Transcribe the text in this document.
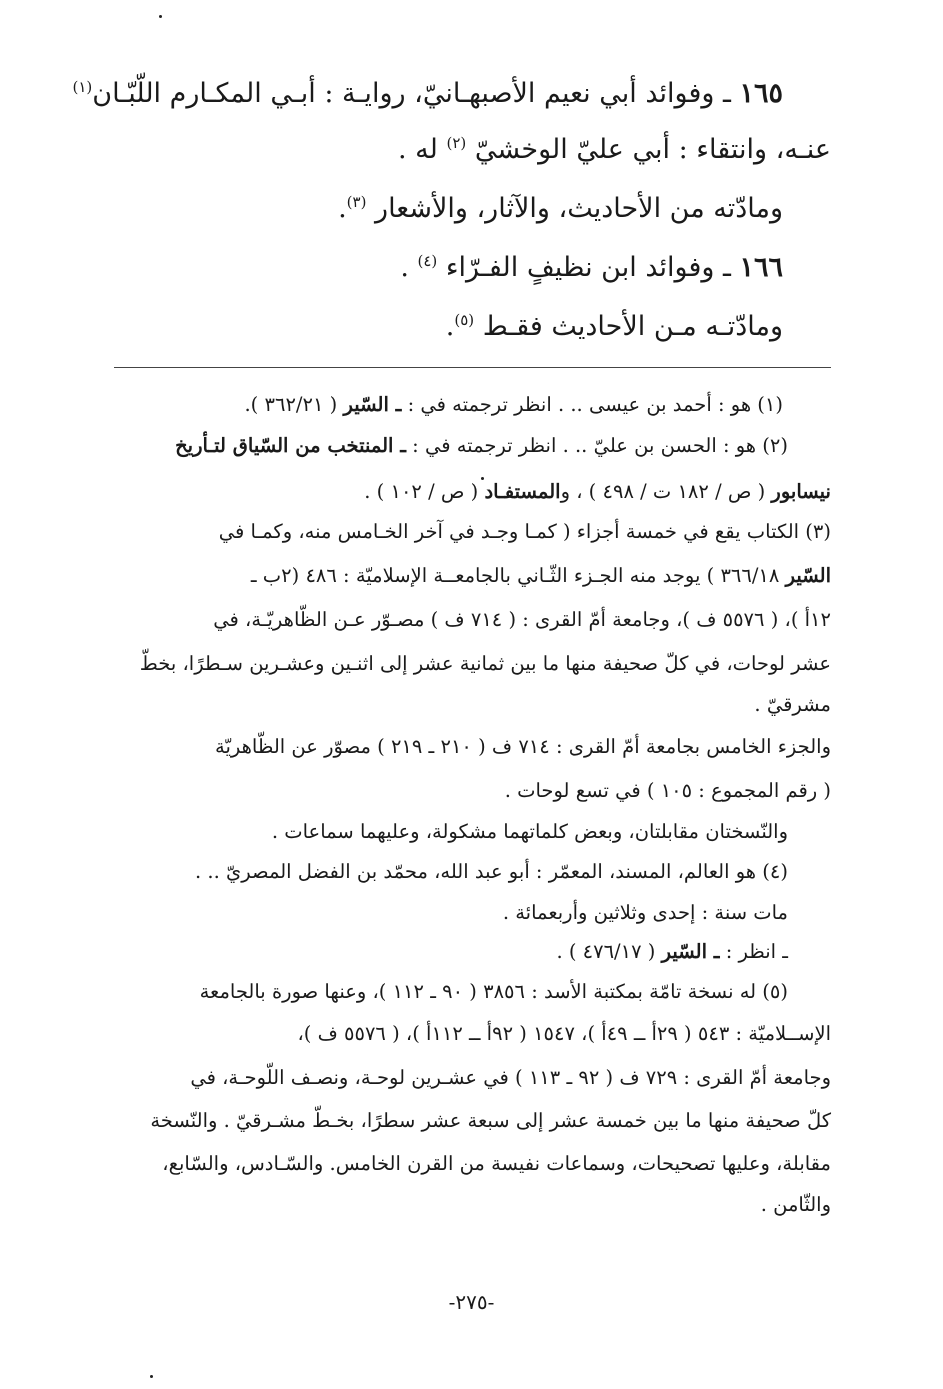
١٦٥ ـ وفوائد أبي نعيم الأصبهـانيّ، روايـة : أبـي المكـارم اللّبّـان$^{(١)}$
عنـه، وانتقاء : أبي عليّ الوخشيّ $^{(٢)}$ له .
ومادّته من الأحاديث، والآثار، والأشعار $^{(٣)}$.
١٦٦ ـ وفوائد ابن نظيفٍ الفـرّاء $^{(٤)}$ .
ومادّتـه مـن الأحاديث فقـط $^{(٥)}$.
(١) هو : أحمد بن عيسى .. . انظر ترجمته في : ـ السّير ( ٣٦٢/٢١ ).
(٢) هو : الحسن بن عليّ .. . انظر ترجمته في : ـ المنتخب من السّياق لتـأريخ
نيسابور ( ص / ١٨٢ ت / ٤٩٨ ) ، والمستفـاد ( ص / ١٠٢ ) .
(٣) الكتاب يقع في خمسة أجزاء ( كمـا وجـد في آخر الخـامس منه، وكمـا في
السّير ٣٦٦/١٨ ) يوجد منه الجـزء الثّـاني بالجامعــة الإسلاميّة : ٤٨٦ (٢ب ـ
١٢أ )، ( ٥٥٧٦ ف )، وجامعة أمّ القرى : ( ٧١٤ ف ) مصـوّر عـن الظّاهريّـة، في
عشر لوحات، في كلّ صحيفة منها ما بين ثمانية عشر إلى اثنـين وعشـرين سـطرًا، بخطّ
مشرقيّ .
والجزء الخامس بجامعة أمّ القرى : ٧١٤ ف ( ٢١٠ ـ ٢١٩ ) مصوّر عن الظّاهريّة
( رقم المجموع : ١٠٥ ) في تسع لوحات .
والنّسختان مقابلتان، وبعض كلماتهما مشكولة، وعليهما سماعات .
(٤) هو العالم، المسند، المعمّر : أبو عبد الله، محمّد بن الفضل المصريّ .. .
مات سنة : إحدى وثلاثين وأربعمائة .
ـ انظر : ـ السّير ( ٤٧٦/١٧ ) .
(٥) له نسخة تامّة بمكتبة الأسد : ٣٨٥٦ ( ٩٠ ـ ١١٢ )، وعنها صورة بالجامعة
الإســلاميّة : ٥٤٣ ( ٢٩أ ــ ٤٩أ )، ١٥٤٧ ( ٩٢أ ــ ١١٢أ )، ( ٥٥٧٦ ف )،
وجامعة أمّ القرى : ٧٢٩ ف ( ٩٢ ـ ١١٣ ) في عشـرين لوحـة، ونصـف اللّوحـة، في
كلّ صحيفة منها ما بين خمسة عشر إلى سبعة عشر سطرًا، بخـطّ مشـرقيّ . والنّسخة
مقابلة، وعليها تصحيحات، وسماعات نفيسة من القرن الخامس. والسّـادس، والسّابع،
والثّامن .
-٢٧٥-
